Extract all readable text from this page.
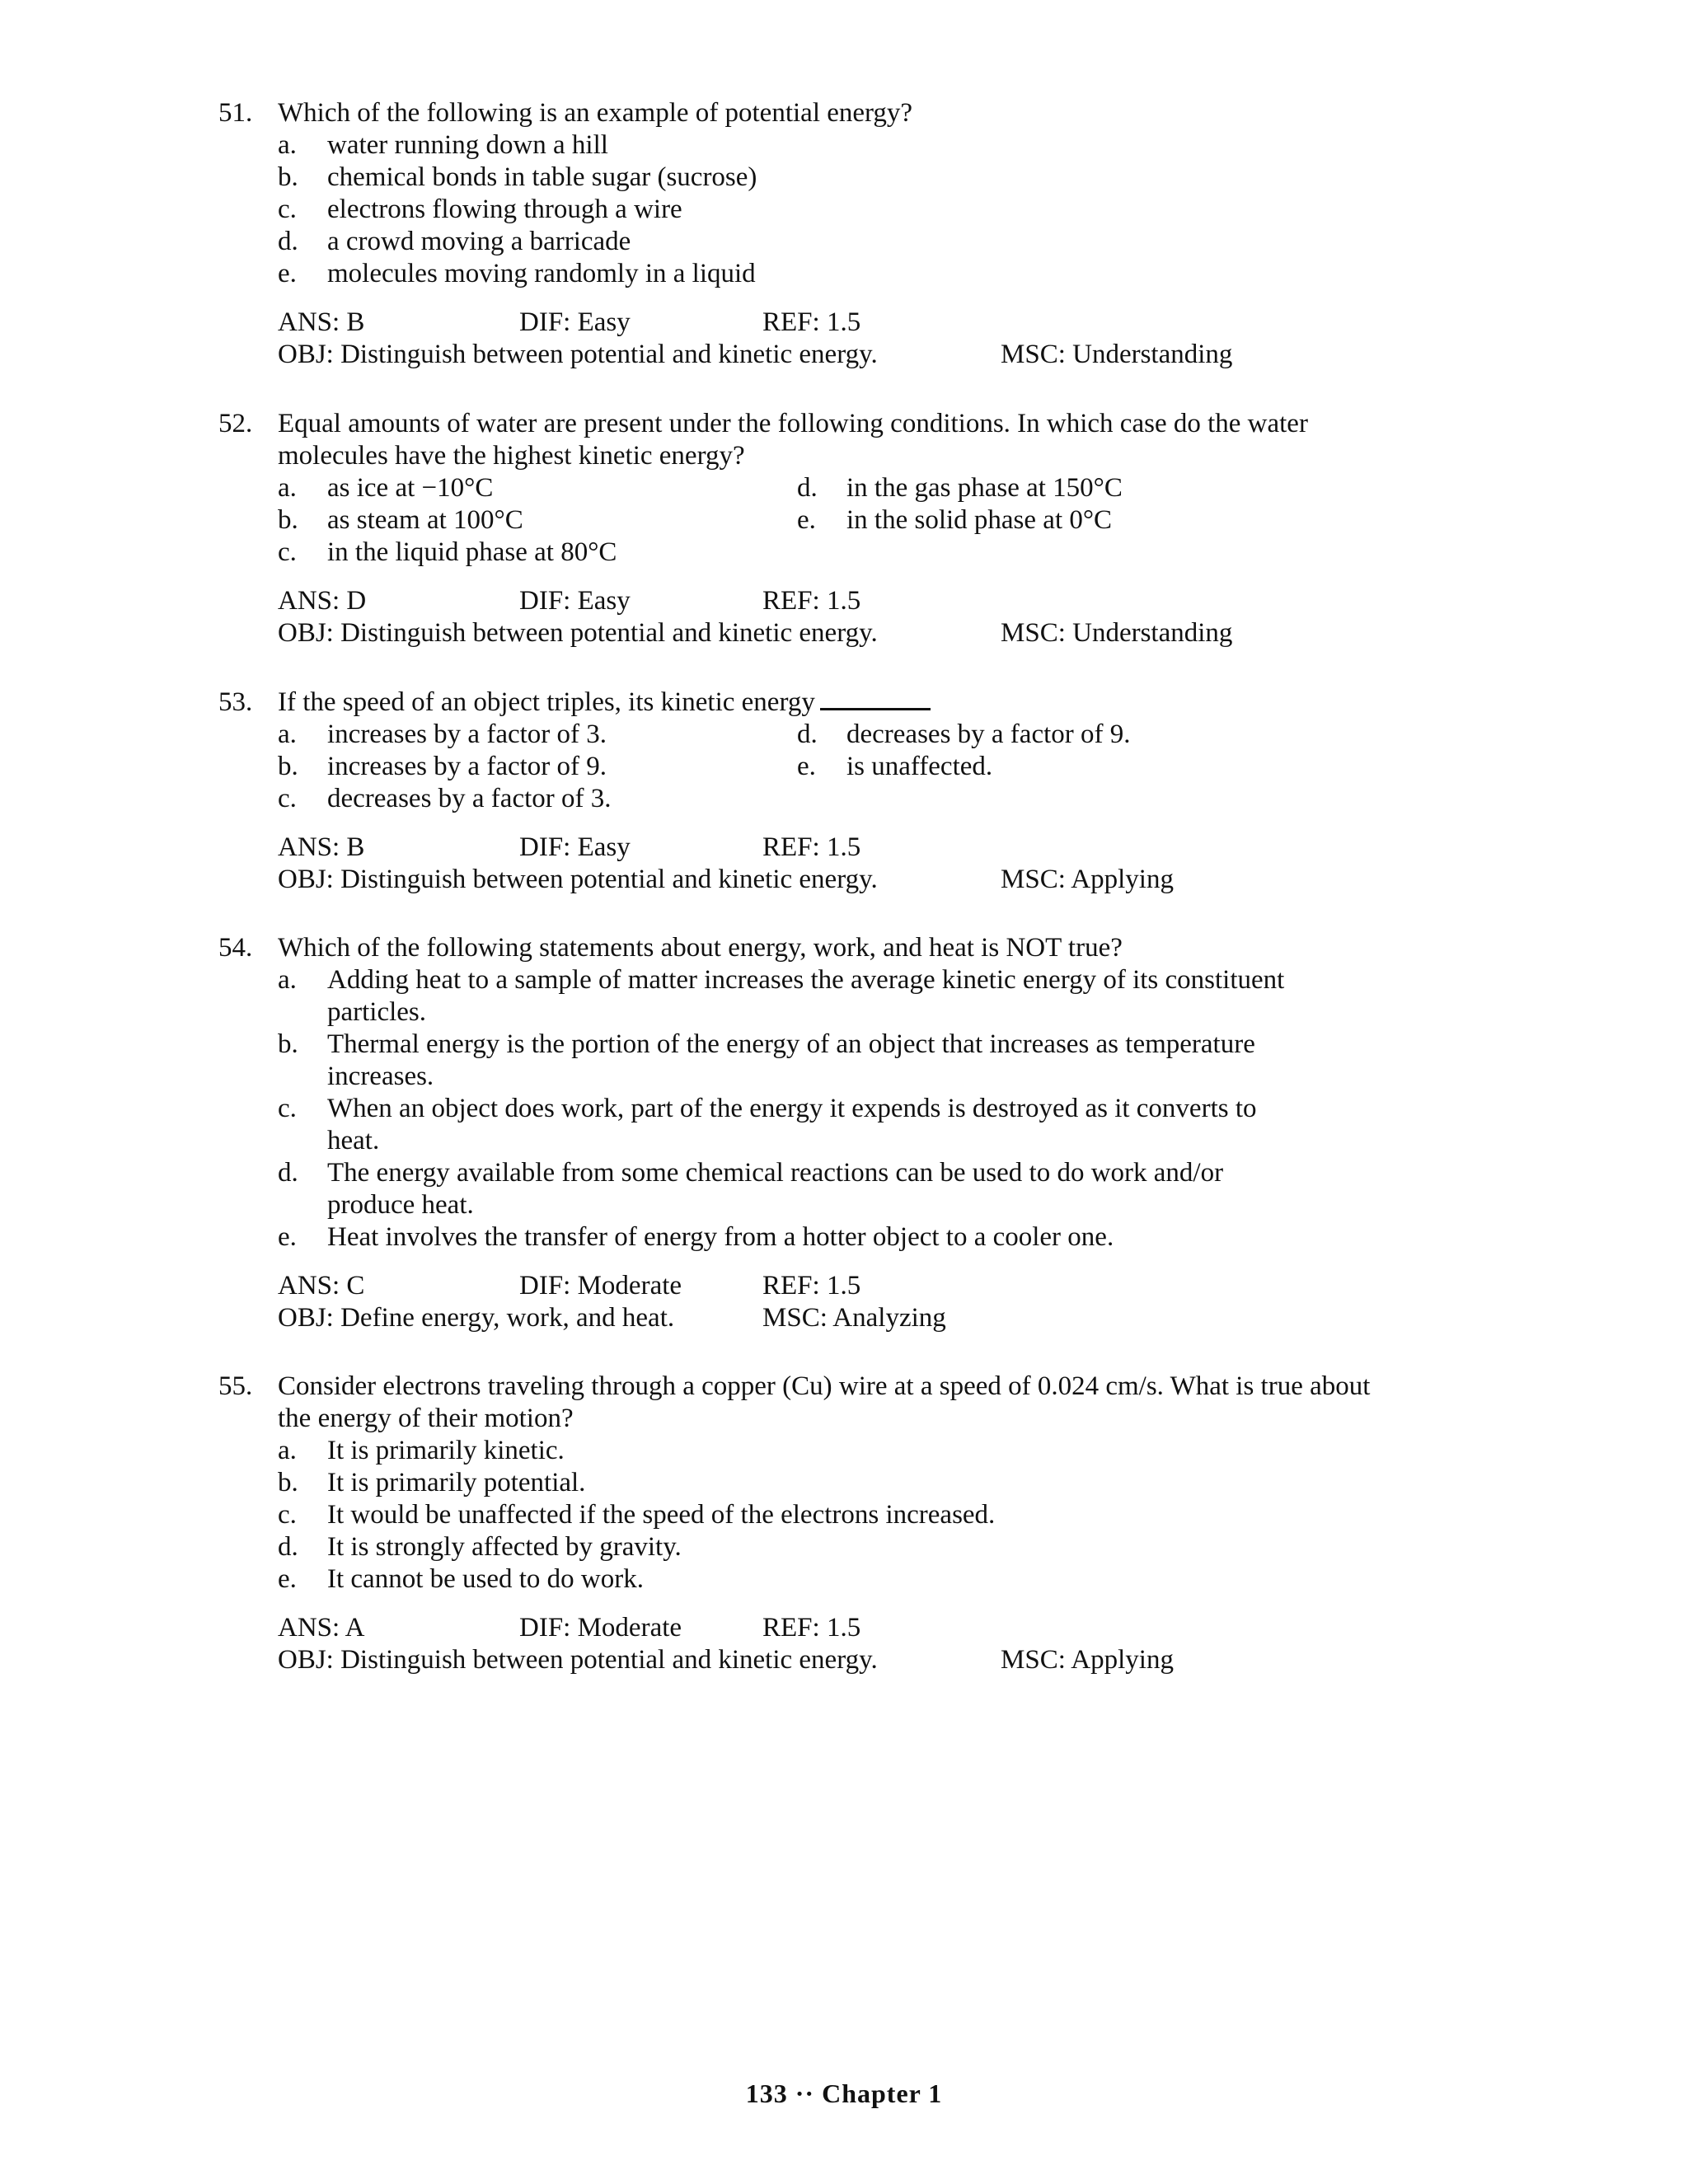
51. Which of the following is an example of potential energy?
a. water running down a hill
b. chemical bonds in table sugar (sucrose)
c. electrons flowing through a wire
d. a crowd moving a barricade
e. molecules moving randomly in a liquid
ANS: B	DIF: Easy	REF: 1.5
OBJ: Distinguish between potential and kinetic energy.	MSC: Understanding
52. Equal amounts of water are present under the following conditions. In which case do the water
molecules have the highest kinetic energy?
a. as ice at −10°C
b. as steam at 100°C
c. in the liquid phase at 80°C
d. in the gas phase at 150°C
e. in the solid phase at 0°C
ANS: D	DIF: Easy	REF: 1.5
OBJ: Distinguish between potential and kinetic energy.	MSC: Understanding
53. If the speed of an object triples, its kinetic energy
a. increases by a factor of 3.
b. increases by a factor of 9.
c. decreases by a factor of 3.
d. decreases by a factor of 9.
e. is unaffected.
ANS: B	DIF: Easy	REF: 1.5
OBJ: Distinguish between potential and kinetic energy.	MSC: Applying
54. Which of the following statements about energy, work, and heat is NOT true?
a. Adding heat to a sample of matter increases the average kinetic energy of its constituent
particles.
b. Thermal energy is the portion of the energy of an object that increases as temperature
increases.
c. When an object does work, part of the energy it expends is destroyed as it converts to
heat.
d. The energy available from some chemical reactions can be used to do work and/or
produce heat.
e. Heat involves the transfer of energy from a hotter object to a cooler one.
ANS: C	DIF: Moderate	REF: 1.5
OBJ: Define energy, work, and heat.	MSC: Analyzing
55. Consider electrons traveling through a copper (Cu) wire at a speed of 0.024 cm/s. What is true about
the energy of their motion?
a. It is primarily kinetic.
b. It is primarily potential.
c. It would be unaffected if the speed of the electrons increased.
d. It is strongly affected by gravity.
e. It cannot be used to do work.
ANS: A	DIF: Moderate	REF: 1.5
OBJ: Distinguish between potential and kinetic energy.	MSC: Applying
133 ·· Chapter 1
